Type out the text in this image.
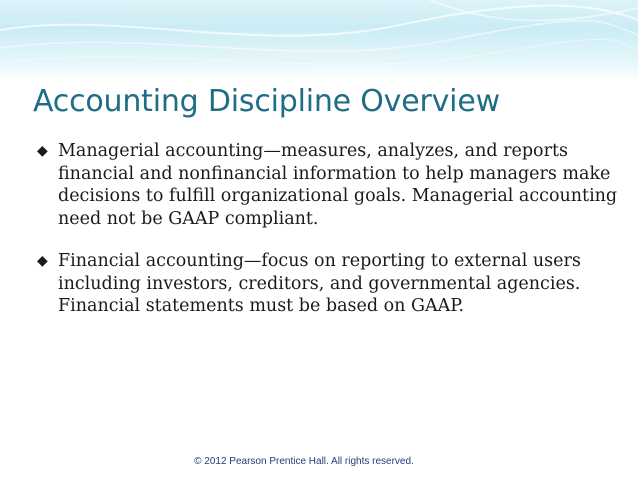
Accounting Discipline Overview
◆ Managerial accounting—measures, analyzes, and reports financial and nonfinancial information to help managers make decisions to fulfill organizational goals. Managerial accounting need not be GAAP compliant.
◆ Financial accounting—focus on reporting to external users including investors, creditors, and governmental agencies. Financial statements must be based on GAAP.
© 2012 Pearson Prentice Hall. All rights reserved.
